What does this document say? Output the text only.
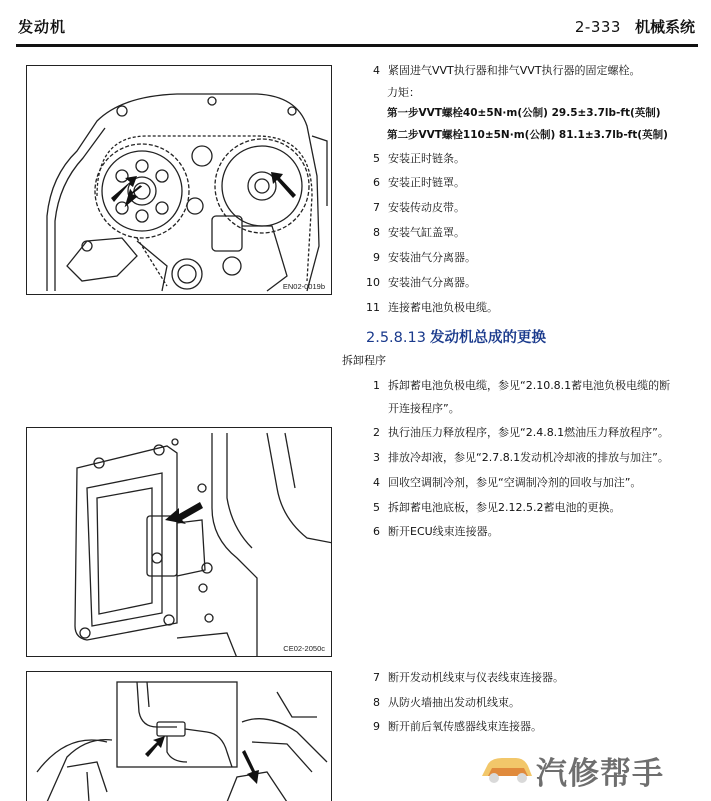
发动机	2-333 机械系统
EN02-0019b
CE02-2050c
4 紧固进气VVT执行器和排气VVT执行器的固定螺栓。
力矩：
第一步VVT螺栓40±5N·m(公制) 29.5±3.7lb-ft(英制)
第二步VVT螺栓110±5N·m(公制) 81.1±3.7lb-ft(英制)
5 安装正时链条。
6 安装正时链罩。
7 安装传动皮带。
8 安装气缸盖罩。
9 安装油气分离器。
10 安装油气分离器。
11 连接蓄电池负极电缆。
2.5.8.13 发动机总成的更换
拆卸程序
1 拆卸蓄电池负极电缆，参见“2.10.8.1蓄电池负极电缆的断
开连接程序”。
2 执行油压力释放程序，参见“2.4.8.1燃油压力释放程序”。
3 排放冷却液，参见“2.7.8.1发动机冷却液的排放与加注”。
4 回收空调制冷剂，参见“空调制冷剂的回收与加注”。
5 拆卸蓄电池底板，参见2.12.5.2蓄电池的更换。
6 断开ECU线束连接器。
7 断开发动机线束与仪表线束连接器。
8 从防火墙抽出发动机线束。
9 断开前后氧传感器线束连接器。
汽修帮手
